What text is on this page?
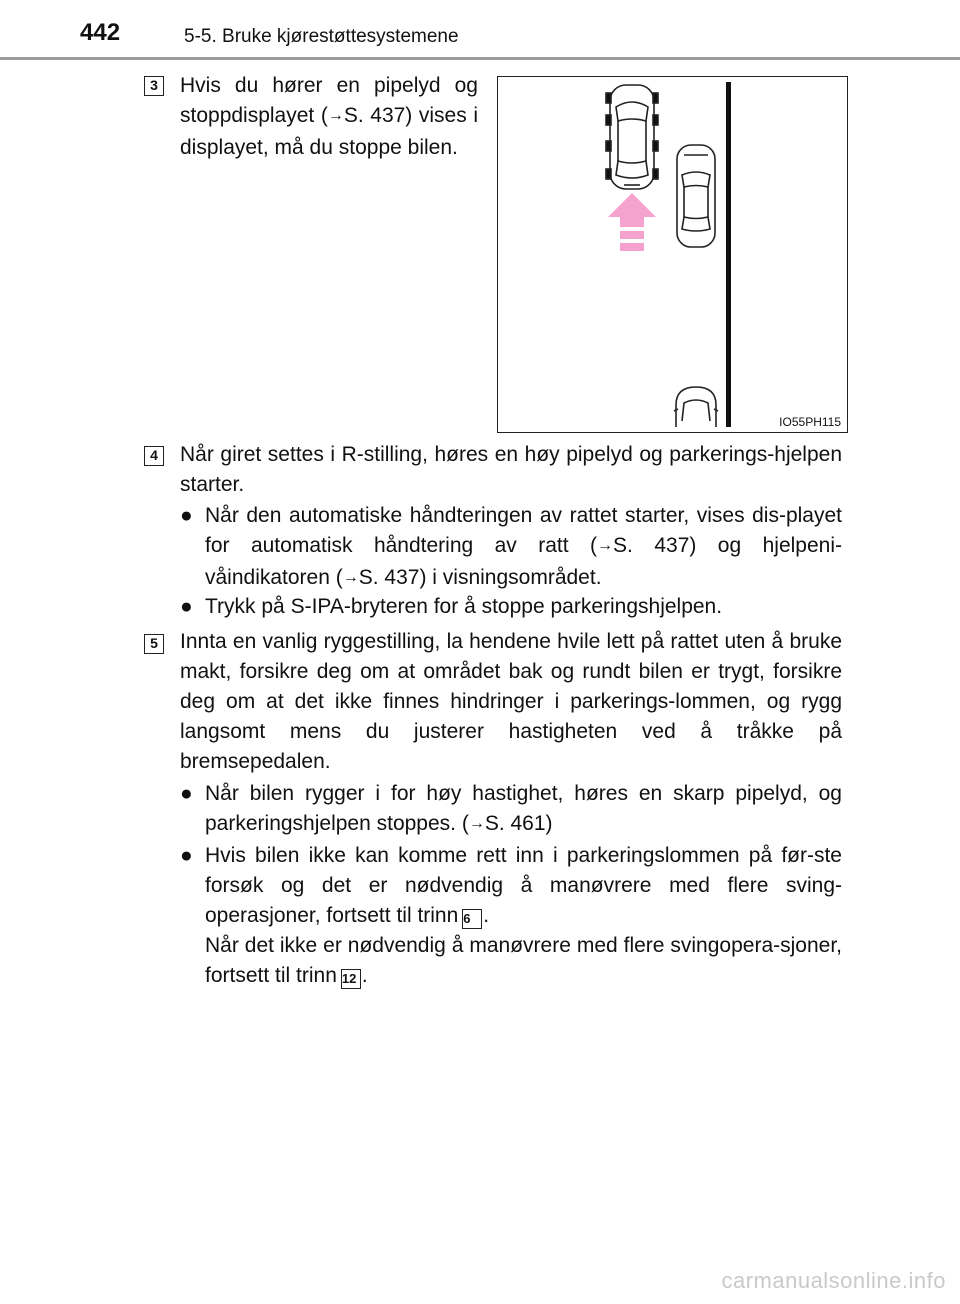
442	5-5. Bruke kjørestøttesystemene
3 Hvis du hører en pipelyd og stoppdisplayet (→S. 437) vises i displayet, må du stoppe bilen.

IO55PH115
4 Når giret settes i R-stilling, høres en høy pipelyd og parkerings-hjelpen starter.

● Når den automatiske håndteringen av rattet starter, vises dis-playet for automatisk håndtering av ratt (→S. 437) og hjelpeni-våindikatoren (→S. 437) i visningsområdet.

● Trykk på S-IPA-bryteren for å stoppe parkeringshjelpen.

5 Innta en vanlig ryggestilling, la hendene hvile lett på rattet uten å bruke makt, forsikre deg om at området bak og rundt bilen er trygt, forsikre deg om at det ikke finnes hindringer i parkerings-lommen, og rygg langsomt mens du justerer hastigheten ved å tråkke på bremsepedalen.

● Når bilen rygger i for høy hastighet, høres en skarp pipelyd, og parkeringshjelpen stoppes. (→S. 461)

● Hvis bilen ikke kan komme rett inn i parkeringslommen på før-ste forsøk og det er nødvendig å manøvrere med flere sving-operasjoner, fortsett til trinn 6 .
Når det ikke er nødvendig å manøvrere med flere svingopera-sjoner, fortsett til trinn 12 .

carmanualsonline.info
